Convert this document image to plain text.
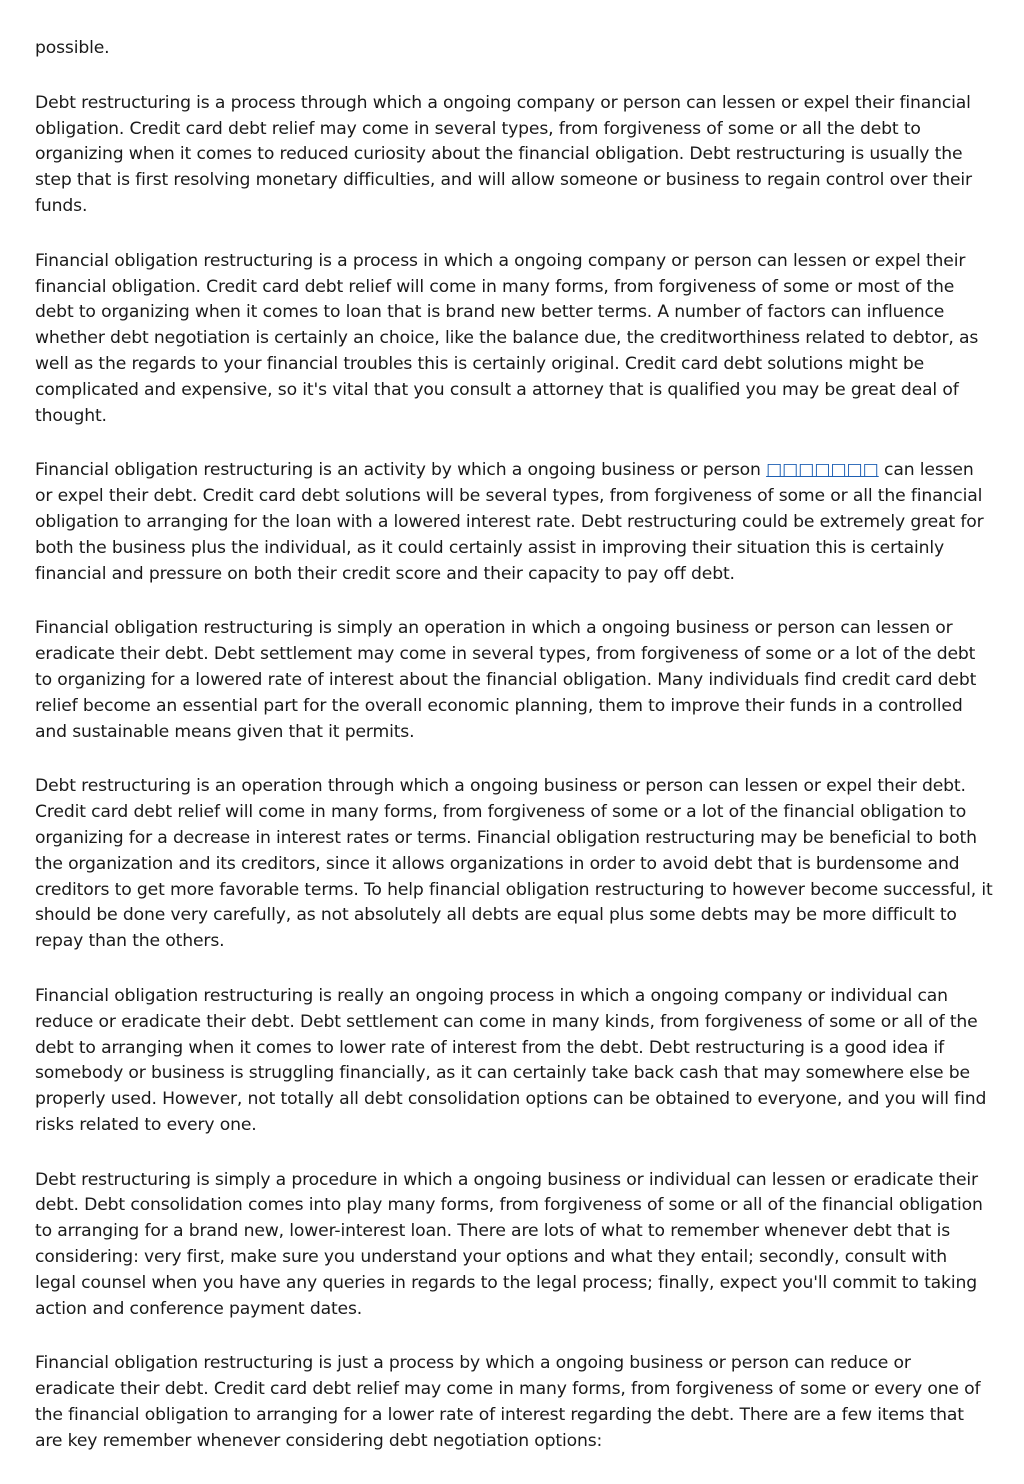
possible.

Debt restructuring is a process through which a ongoing company or person can lessen or expel their financial obligation. Credit card debt relief may come in several types, from forgiveness of some or all the debt to organizing when it comes to reduced curiosity about the financial obligation. Debt restructuring is usually the step that is first resolving monetary difficulties, and will allow someone or business to regain control over their funds.

Financial obligation restructuring is a process in which a ongoing company or person can lessen or expel their financial obligation. Credit card debt relief will come in many forms, from forgiveness of some or most of the debt to organizing when it comes to loan that is brand new better terms. A number of factors can influence whether debt negotiation is certainly an choice, like the balance due, the creditworthiness related to debtor, as well as the regards to your financial troubles this is certainly original. Credit card debt solutions might be complicated and expensive, so it's vital that you consult a attorney that is qualified you may be great deal of thought.

Financial obligation restructuring is an activity by which a ongoing business or person □□□□□□□ can lessen or expel their debt. Credit card debt solutions will be several types, from forgiveness of some or all the financial obligation to arranging for the loan with a lowered interest rate. Debt restructuring could be extremely great for both the business plus the individual, as it could certainly assist in improving their situation this is certainly financial and pressure on both their credit score and their capacity to pay off debt.

Financial obligation restructuring is simply an operation in which a ongoing business or person can lessen or eradicate their debt. Debt settlement may come in several types, from forgiveness of some or a lot of the debt to organizing for a lowered rate of interest about the financial obligation. Many individuals find credit card debt relief become an essential part for the overall economic planning, them to improve their funds in a controlled and sustainable means given that it permits.

Debt restructuring is an operation through which a ongoing business or person can lessen or expel their debt. Credit card debt relief will come in many forms, from forgiveness of some or a lot of the financial obligation to organizing for a decrease in interest rates or terms. Financial obligation restructuring may be beneficial to both the organization and its creditors, since it allows organizations in order to avoid debt that is burdensome and creditors to get more favorable terms. To help financial obligation restructuring to however become successful, it should be done very carefully, as not absolutely all debts are equal plus some debts may be more difficult to repay than the others.

Financial obligation restructuring is really an ongoing process in which a ongoing company or individual can reduce or eradicate their debt. Debt settlement can come in many kinds, from forgiveness of some or all of the debt to arranging when it comes to lower rate of interest from the debt. Debt restructuring is a good idea if somebody or business is struggling financially, as it can certainly take back cash that may somewhere else be properly used. However, not totally all debt consolidation options can be obtained to everyone, and you will find risks related to every one.

Debt restructuring is simply a procedure in which a ongoing business or individual can lessen or eradicate their debt. Debt consolidation comes into play many forms, from forgiveness of some or all of the financial obligation to arranging for a brand new, lower-interest loan. There are lots of what to remember whenever debt that is considering: very first, make sure you understand your options and what they entail; secondly, consult with legal counsel when you have any queries in regards to the legal process; finally, expect you'll commit to taking action and conference payment dates.

Financial obligation restructuring is just a process by which a ongoing business or person can reduce or eradicate their debt. Credit card debt relief may come in many forms, from forgiveness of some or every one of the financial obligation to arranging for a lower rate of interest regarding the debt. There are a few items that are key remember whenever considering debt negotiation options:
